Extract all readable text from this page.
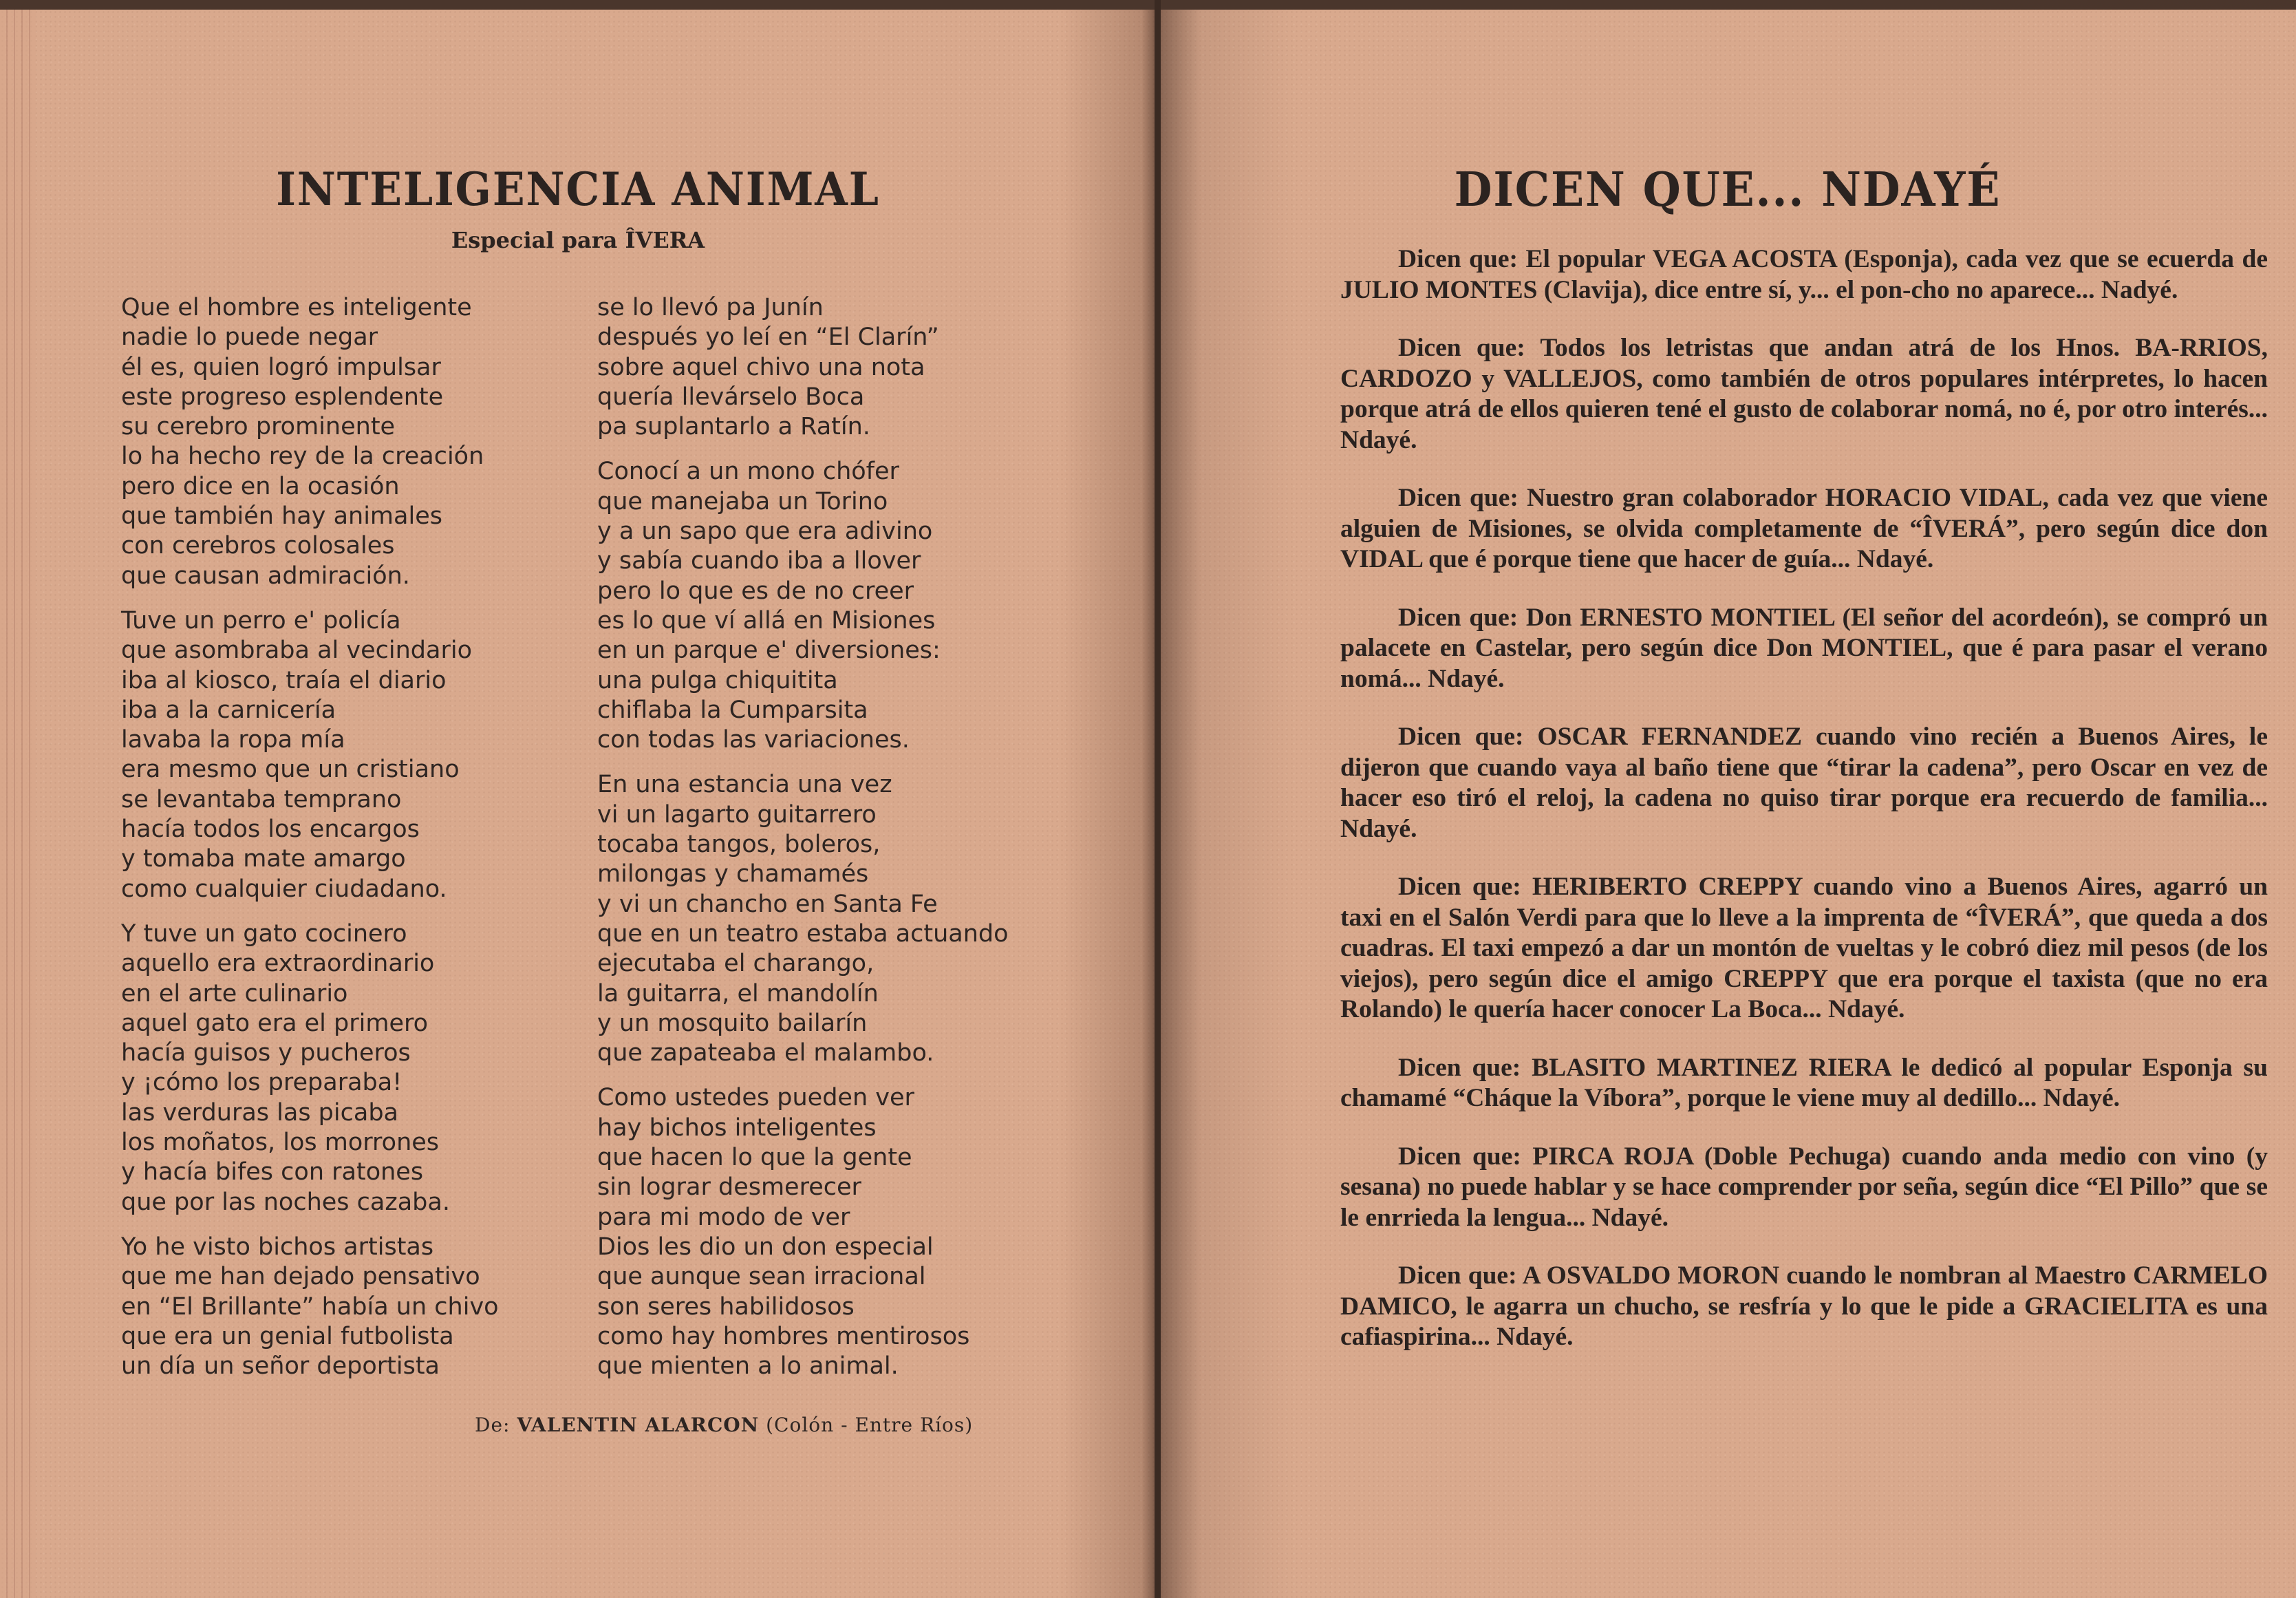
INTELIGENCIA ANIMAL
Especial para ÎVERA
Que el hombre es inteligente
nadie lo puede negar
él es, quien logró impulsar
este progreso esplendente
su cerebro prominente
lo ha hecho rey de la creación
pero dice en la ocasión
que también hay animales
con cerebros colosales
que causan admiración.
Tuve un perro e' policía
que asombraba al vecindario
iba al kiosco, traía el diario
iba a la carnicería
lavaba la ropa mía
era mesmo que un cristiano
se levantaba temprano
hacía todos los encargos
y tomaba mate amargo
como cualquier ciudadano.
Y tuve un gato cocinero
aquello era extraordinario
en el arte culinario
aquel gato era el primero
hacía guisos y pucheros
y ¡cómo los preparaba!
las verduras las picaba
los moñatos, los morrones
y hacía bifes con ratones
que por las noches cazaba.
Yo he visto bichos artistas
que me han dejado pensativo
en “El Brillante” había un chivo
que era un genial futbolista
un día un señor deportista
se lo llevó pa Junín
después yo leí en “El Clarín”
sobre aquel chivo una nota
quería llevárselo Boca
pa suplantarlo a Ratín.
Conocí a un mono chófer
que manejaba un Torino
y a un sapo que era adivino
y sabía cuando iba a llover
pero lo que es de no creer
es lo que ví allá en Misiones
en un parque e' diversiones:
una pulga chiquitita
chiflaba la Cumparsita
con todas las variaciones.
En una estancia una vez
vi un lagarto guitarrero
tocaba tangos, boleros,
milongas y chamamés
y vi un chancho en Santa Fe
que en un teatro estaba actuando
ejecutaba el charango,
la guitarra, el mandolín
y un mosquito bailarín
que zapateaba el malambo.
Como ustedes pueden ver
hay bichos inteligentes
que hacen lo que la gente
sin lograr desmerecer
para mi modo de ver
Dios les dio un don especial
que aunque sean irracional
son seres habilidosos
como hay hombres mentirosos
que mienten a lo animal.
De: VALENTIN ALARCON (Colón - Entre Ríos)
DICEN QUE... NDAYÉ

Dicen que: El popular VEGA ACOSTA (Esponja), cada vez que se ecuerda de JULIO MONTES (Clavija), dice entre sí, y... el pon-cho no aparece... Nadyé.

Dicen que: Todos los letristas que andan atrá de los Hnos. BA-RRIOS, CARDOZO y VALLEJOS, como también de otros populares intérpretes, lo hacen porque atrá de ellos quieren tené el gusto de colaborar nomá, no é, por otro interés... Ndayé.

Dicen que: Nuestro gran colaborador HORACIO VIDAL, cada vez que viene alguien de Misiones, se olvida completamente de “ÎVERÁ”, pero según dice don VIDAL que é porque tiene que hacer de guía... Ndayé.

Dicen que: Don ERNESTO MONTIEL (El señor del acordeón), se compró un palacete en Castelar, pero según dice Don MONTIEL, que é para pasar el verano nomá... Ndayé.

Dicen que: OSCAR FERNANDEZ cuando vino recién a Buenos Aires, le dijeron que cuando vaya al baño tiene que “tirar la cadena”, pero Oscar en vez de hacer eso tiró el reloj, la cadena no quiso tirar porque era recuerdo de familia... Ndayé.

Dicen que: HERIBERTO CREPPY cuando vino a Buenos Aires, agarró un taxi en el Salón Verdi para que lo lleve a la imprenta de “ÎVERÁ”, que queda a dos cuadras. El taxi empezó a dar un montón de vueltas y le cobró diez mil pesos (de los viejos), pero según dice el amigo CREPPY que era porque el taxista (que no era Rolando) le quería hacer conocer La Boca... Ndayé.

Dicen que: BLASITO MARTINEZ RIERA le dedicó al popular Esponja su chamamé “Cháque la Víbora”, porque le viene muy al dedillo... Ndayé.

Dicen que: PIRCA ROJA (Doble Pechuga) cuando anda medio con vino (y sesana) no puede hablar y se hace comprender por seña, según dice “El Pillo” que se le enrrieda la lengua... Ndayé.

Dicen que: A OSVALDO MORON cuando le nombran al Maestro CARMELO DAMICO, le agarra un chucho, se resfría y lo que le pide a GRACIELITA es una cafiaspirina... Ndayé.
